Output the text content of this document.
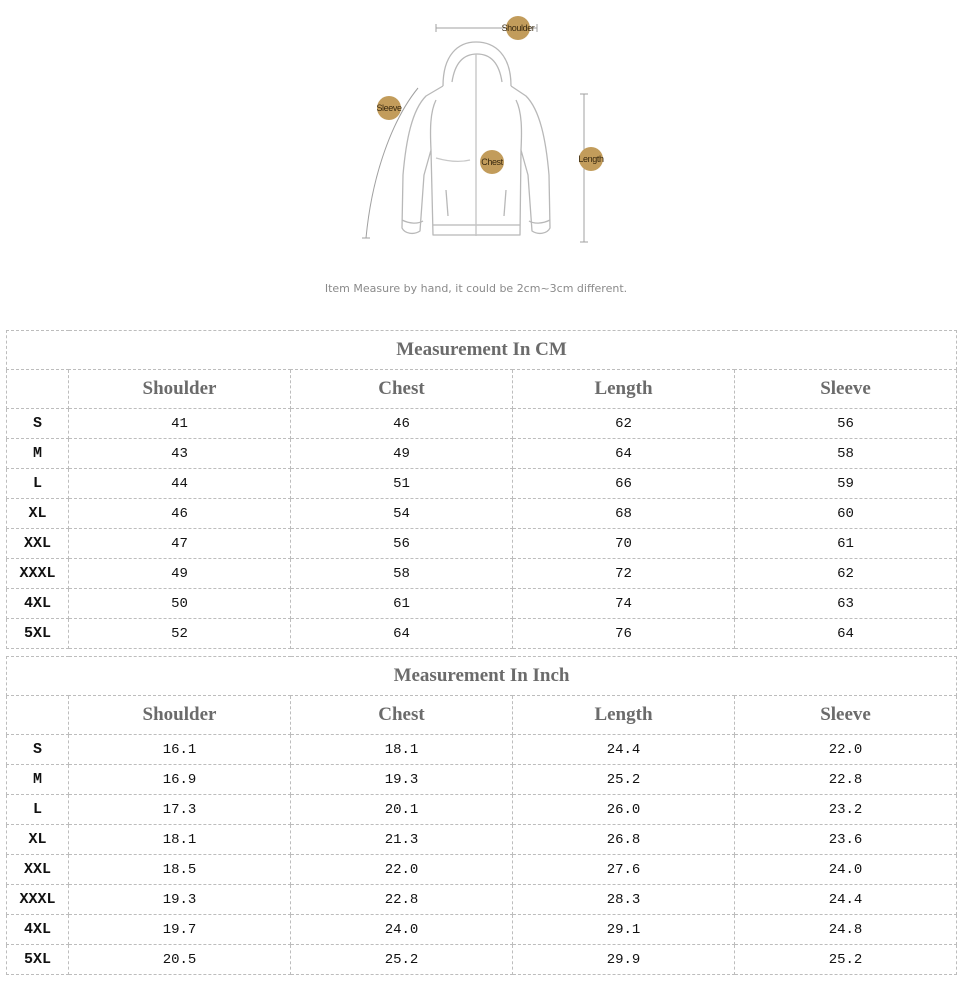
Shoulder
Sleeve
Chest	Length
Item Measure by hand, it could be 2cm~3cm different.
Measurement In CM				
	Shoulder	Chest	Length	Sleeve
S	41	46	62	56
M	43	49	64	58
L	44	51	66	59
XL	46	54	68	60
XXL	47	56	70	61
XXXL	49	58	72	62
4XL	50	61	74	63
5XL	52	64	76	64
Measurement In Inch				
	Shoulder	Chest	Length	Sleeve
S	16.1	18.1	24.4	22.0
M	16.9	19.3	25.2	22.8
L	17.3	20.1	26.0	23.2
XL	18.1	21.3	26.8	23.6
XXL	18.5	22.0	27.6	24.0
XXXL	19.3	22.8	28.3	24.4
4XL	19.7	24.0	29.1	24.8
5XL	20.5	25.2	29.9	25.2
